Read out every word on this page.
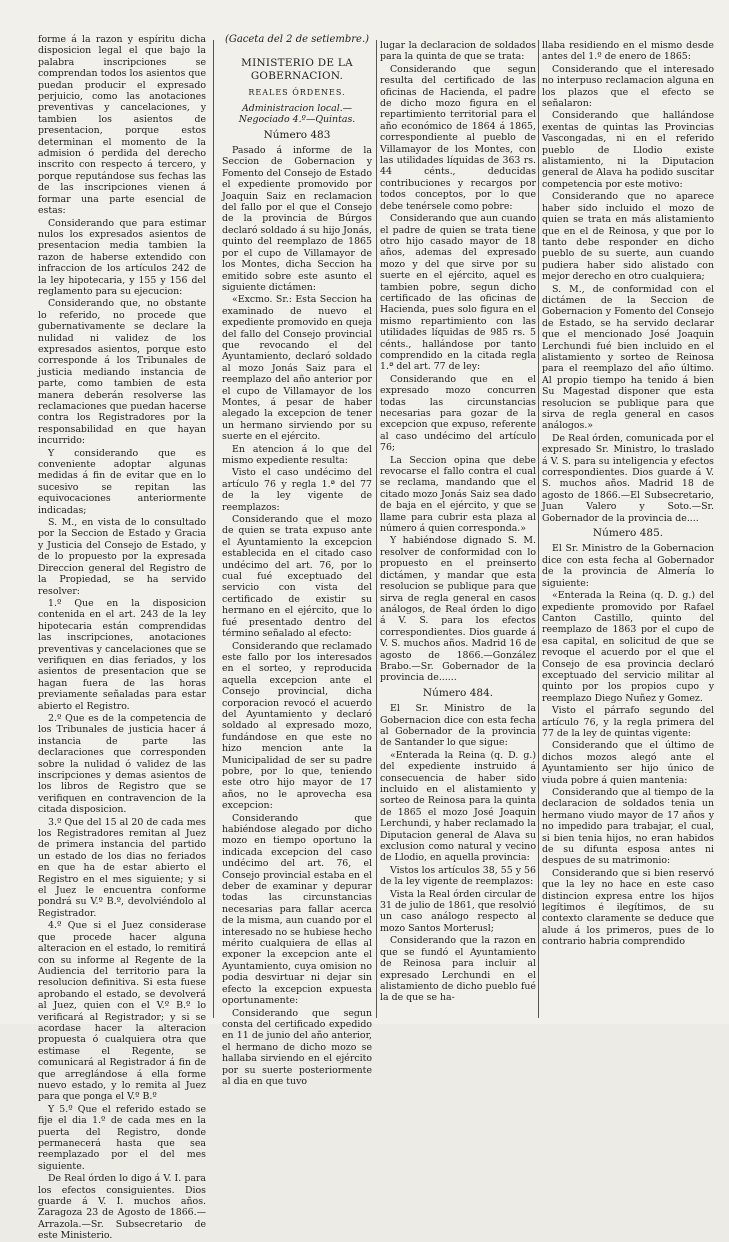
forme á la razon y espíritu dicha disposicion legal el que bajo la palabra inscripciones se comprendan todos los asientos que puedan producir el expresado perjuicio, como las anotaciones preventivas y cancelaciones, y tambien los asientos de presentacion, porque estos determinan el momento de la admision ó perdida del derecho inscrito con respecto á tercero, y porque reputándose sus fechas las de las inscripciones vienen á formar una parte esencial de estas:

Considerando que para estimar nulos los expresados asientos de presentacion media tambien la razon de haberse extendido con infraccion de los artículos 242 de la ley hipotecaria, y 155 y 156 del reglamento para su ejecucion:

Considerando que, no obstante lo referido, no procede que gubernativamente se declare la nulidad ni validez de los expresados asientos, porque esto corresponde á los Tribunales de justicia mediando instancia de parte, como tambien de esta manera deberán resolverse las reclamaciones que puedan hacerse contra los Registradores por la responsabilidad en que hayan incurrido:

Y considerando que es conveniente adoptar algunas medidas á fin de evitar que en lo sucesivo se repitan las equivocaciones anteriormente indicadas;

S. M., en vista de lo consultado por la Seccion de Estado y Gracia y Justicia del Consejo de Estado, y de lo propuesto por la expresada Direccion general del Registro de la Propiedad, se ha servido resolver:

1.º Que en la disposicion contenida en el art. 243 de la ley hipotecaria están comprendidas las inscripciones, anotaciones preventivas y cancelaciones que se verifiquen en dias feriados, y los asientos de presentacion que se hagan fuera de las horas previamente señaladas para estar abierto el Registro.

2.º Que es de la competencia de los Tribunales de justicia hacer á instancia de parte las declaraciones que corresponden sobre la nulidad ó validez de las inscripciones y demas asientos de los libros de Registro que se verifiquen en contravencion de la citada disposicion.

3.º Que del 15 al 20 de cada mes los Registradores remitan al Juez de primera instancia del partido un estado de los dias no feriados en que ha de estar abierto el Registro en el mes siguiente; y si el Juez le encuentra conforme pondrá su V.º B.º, devolviéndolo al Registrador.

4.º Que si el Juez considerase que procede hacer alguna alteracion en el estado, lo remitirá con su informe al Regente de la Audiencia del territorio para la resolucion definitiva. Si esta fuese aprobando el estado, se devolverá al Juez, quien con el V.º B.º lo verificará al Registrador; y si se acordase hacer la alteracion propuesta ó cualquiera otra que estimase el Regente, se comunicará al Registrador á fin de que arreglándose á ella forme nuevo estado, y lo remita al Juez para que ponga el V.º B.º

Y 5.º Que el referido estado se fije el dia 1.º de cada mes en la puerta del Registro, donde permanecerá hasta que sea reemplazado por el del mes siguiente.

De Real órden lo digo á V. I. para los efectos consiguientes. Dios guarde á V. I. muchos años. Zaragoza 23 de Agosto de 1866.—Arrazola.—Sr. Subsecretario de este Ministerio.

(Gaceta del 2 de setiembre.)
MINISTERIO DE LA GOBERNACION.
REALES ÓRDENES.

Administracion local.—Negociado 4.º—Quintas.

Número 483

Pasado á informe de la Seccion de Gobernacion y Fomento del Consejo de Estado el expediente promovido por Joaquin Saiz en reclamacion del fallo por el que el Consejo de la provincia de Búrgos declaró soldado á su hijo Jonás, quinto del reemplazo de 1865 por el cupo de Villamayor de los Montes, dicha Seccion ha emitido sobre este asunto el siguiente dictámen:

«Excmo. Sr.: Esta Seccion ha examinado de nuevo el expediente promovido en queja del fallo del Consejo provincial que revocando el del Ayuntamiento, declaró soldado al mozo Jonás Saiz para el reemplazo del año anterior por el cupo de Villamayor de los Montes, á pesar de haber alegado la excepcion de tener un hermano sirviendo por su suerte en el ejército.

En atencion á lo que del mismo expediente resulta:

Visto el caso undécimo del artículo 76 y regla 1.ª del 77 de la ley vigente de reemplazos:

Considerando que el mozo de quien se trata expuso ante el Ayuntamiento la excepcion establecida en el citado caso undécimo del art. 76, por lo cual fué exceptuado del servicio con vista del certificado de existir su hermano en el ejército, que lo fué presentado dentro del término señalado al efecto:

Considerando que reclamado este fallo por los interesados en el sorteo, y reproducida aquella excepcion ante el Consejo provincial, dicha corporacion revocó el acuerdo del Ayuntamiento y declaró soldado al expresado mozo, fundándose en que este no hizo mencion ante la Municipalidad de ser su padre pobre, por lo que, teniendo este otro hijo mayor de 17 años, no le aprovecha esa excepcion:

Considerando que habiéndose alegado por dicho mozo en tiempo oportuno la indicada excepcion del caso undécimo del art. 76, el Consejo provincial estaba en el deber de examinar y depurar todas las circunstancias necesarias para fallar acerca de la misma, aun cuando por el interesado no se hubiese hecho mérito cualquiera de ellas al exponer la excepcion ante el Ayuntamiento, cuya omision no podia desvirtuar ni dejar sin efecto la excepcion expuesta oportunamente:

Considerando que segun consta del certificado expedido en 11 de junio del año anterior, el hermano de dicho mozo se hallaba sirviendo en el ejército por su suerte posteriormente al dia en que tuvo

lugar la declaracion de soldados para la quinta de que se trata:

Considerando que segun resulta del certificado de las oficinas de Hacienda, el padre de dicho mozo figura en el repartimiento territorial para el año económico de 1864 á 1865, correspondiente al pueblo de Villamayor de los Montes, con las utilidades líquidas de 363 rs. 44 cénts., deducidas contribuciones y recargos por todos conceptos, por lo que debe tenérsele como pobre:

Considerando que aun cuando el padre de quien se trata tiene otro hijo casado mayor de 18 años, ademas del expresado mozo y del que sirve por su suerte en el ejército, aquel es tambien pobre, segun dicho certificado de las oficinas de Hacienda, pues solo figura en el mismo repartimiento con las utilidades líquidas de 985 rs. 5 cénts., hallándose por tanto comprendido en la citada regla 1.ª del art. 77 de ley:

Considerando que en el expresado mozo concurren todas las circunstancias necesarias para gozar de la excepcion que expuso, referente al caso undécimo del artículo 76;

La Seccion opina que debe revocarse el fallo contra el cual se reclama, mandando que el citado mozo Jonás Saiz sea dado de baja en el ejército, y que se llame para cubrir esta plaza al número á quien corresponda.»

Y habiéndose dignado S. M. resolver de conformidad con lo propuesto en el preinserto dictámen, y mandar que esta resolucion se publique para que sirva de regla general en casos análogos, de Real órden lo digo á V. S. para los efectos correspondientes. Dios guarde á V. S. muchos años. Madrid 16 de agosto de 1866.—González Brabo.—Sr. Gobernador de la provincia de......

Número 484.

El Sr. Ministro de la Gobernacion dice con esta fecha al Gobernador de la provincia de Santander lo que sigue:

«Enterada la Reina (q. D. g.) del expediente instruido á consecuencia de haber sido incluido en el alistamiento y sorteo de Reinosa para la quinta de 1865 el mozo José Joaquin Lerchundi, y haber reclamado la Diputacion general de Alava su exclusion como natural y vecino de Llodio, en aquella provincia:

Vistos los artículos 38, 55 y 56 de la ley vigente de reemplazos:

Vista la Real órden circular de 31 de julio de 1861, que resolvió un caso análogo respecto al mozo Santos Morterusl;

Considerando que la razon en que se fundó el Ayuntamiento de Reinosa para incluir al expresado Lerchundi en el alistamiento de dicho pueblo fué la de que se ha-

llaba residiendo en el mismo desde antes del 1.º de enero de 1865:

Considerando que el interesado no interpuso reclamacion alguna en los plazos que el efecto se señalaron:

Considerando que hallándose exentas de quintas las Provincias Vascongadas, ni en el referido pueblo de Llodio existe alistamiento, ni la Diputacion general de Alava ha podido suscitar competencia por este motivo:

Considerando que no aparece haber sido incluido el mozo de quien se trata en más alistamiento que en el de Reinosa, y que por lo tanto debe responder en dicho pueblo de su suerte, aun cuando pudiera haber sido alistado con mejor derecho en otro cualquiera;

S. M., de conformidad con el dictámen de la Seccion de Gobernacion y Fomento del Consejo de Estado, se ha servido declarar que el mencionado José Joaquin Lerchundi fué bien incluido en el alistamiento y sorteo de Reinosa para el reemplazo del año último. Al propio tiempo ha tenido á bien Su Magestad disponer que esta resolucion se publique para que sirva de regla general en casos análogos.»

De Real órden, comunicada por el expresado Sr. Ministro, lo traslado á V. S. para su inteligencia y efectos correspondientes. Dios guarde á V. S. muchos años. Madrid 18 de agosto de 1866.—El Subsecretario, Juan Valero y Soto.—Sr. Gobernador de la provincia de....

Número 485.

El Sr. Ministro de la Gobernacion dice con esta fecha al Gobernador de la provincia de Almería lo siguiente:

«Enterada la Reina (q. D. g.) del expediente promovido por Rafael Canton Castillo, quinto del reemplazo de 1863 por el cupo de esa capital, en solicitud de que se revoque el acuerdo por el que el Consejo de esa provincia declaró exceptuado del servicio militar al quinto por los propios cupo y reemplazo Diego Nuñez y Gomez.

Visto el párrafo segundo del artículo 76, y la regla primera del 77 de la ley de quintas vigente:

Considerando que el último de dichos mozos alegó ante el Ayuntamiento ser hijo único de viuda pobre á quien mantenia:

Considerando que al tiempo de la declaracion de soldados tenia un hermano viudo mayor de 17 años y no impedido para trabajar, el cual, si bien tenia hijos, no eran habidos de su difunta esposa antes ni despues de su matrimonio:

Considerando que si bien reservó que la ley no hace en este caso distincion expresa entre los hijos legítimos é ilegítimos, de su contexto claramente se deduce que alude á los primeros, pues de lo contrario habria comprendido
